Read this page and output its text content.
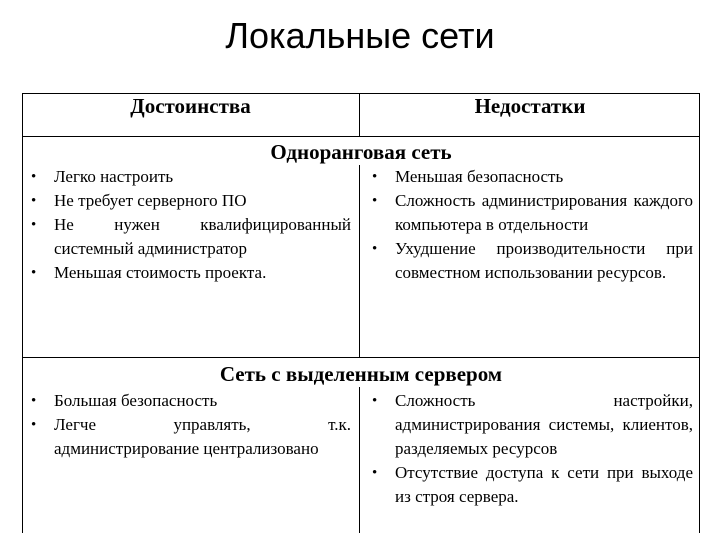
Локальные сети
Достоинства	Недостатки
Одноранговая сеть
• Легко настроить
• Не требует серверного ПО
• Не нужен квалифицированный системный администратор
• Меньшая стоимость проекта.
• Меньшая безопасность
• Сложность администрирования каждого компьютера в отдельности
• Ухудшение производительности при совместном использовании ресурсов.
Сеть с выделенным сервером
• Большая безопасность
• Легче управлять, т.к. администрирование централизовано
• Сложность настройки, администрирования системы, клиентов, разделяемых ресурсов
• Отсутствие доступа к сети при выходе из строя сервера.
